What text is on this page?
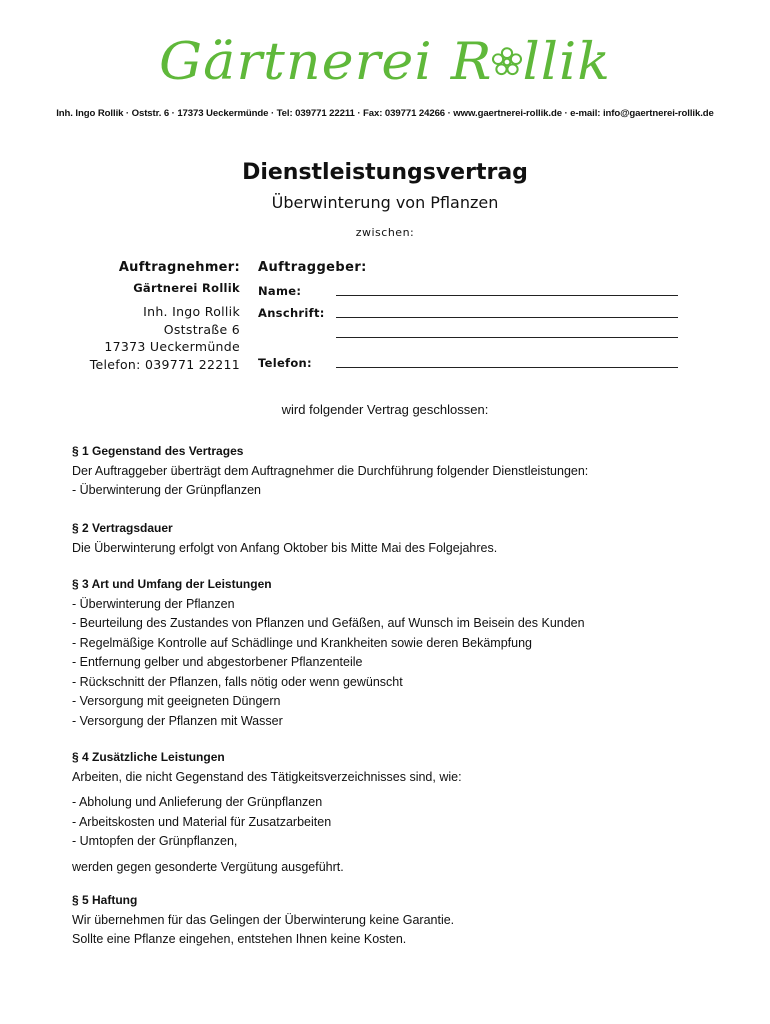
Gärtnerei R llik
Inh. Ingo Rollik · Oststr. 6 · 17373 Ueckermünde · Tel: 039771 22211 · Fax: 039771 24266 · www.gaertnerei-rollik.de · e-mail: info@gaertnerei-rollik.de
Dienstleistungsvertrag
Überwinterung von Pflanzen
zwischen:
Auftragnehmer:
Gärtnerei Rollik
Inh. Ingo Rollik
Oststraße 6
17373 Ueckermünde
Telefon: 039771 22211
Auftraggeber:
Name:
Anschrift:
Telefon:
wird folgender Vertrag geschlossen:
§ 1 Gegenstand des Vertrages
Der Auftraggeber überträgt dem Auftragnehmer die Durchführung folgender Dienstleistungen:
- Überwinterung der Grünpflanzen
§ 2 Vertragsdauer
Die Überwinterung erfolgt von Anfang Oktober bis Mitte Mai des Folgejahres.
§ 3 Art und Umfang der Leistungen
- Überwinterung der Pflanzen
- Beurteilung des Zustandes von Pflanzen und Gefäßen, auf Wunsch im Beisein des Kunden
- Regelmäßige Kontrolle auf Schädlinge und Krankheiten sowie deren Bekämpfung
- Entfernung gelber und abgestorbener Pflanzenteile
- Rückschnitt der Pflanzen, falls nötig oder wenn gewünscht
- Versorgung mit geeigneten Düngern
- Versorgung der Pflanzen mit Wasser
§ 4 Zusätzliche Leistungen
Arbeiten, die nicht Gegenstand des Tätigkeitsverzeichnisses sind, wie:
- Abholung und Anlieferung der Grünpflanzen
- Arbeitskosten und Material für Zusatzarbeiten
- Umtopfen der Grünpflanzen,
werden gegen gesonderte Vergütung ausgeführt.
§ 5 Haftung
Wir übernehmen für das Gelingen der Überwinterung keine Garantie.
Sollte eine Pflanze eingehen, entstehen Ihnen keine Kosten.
